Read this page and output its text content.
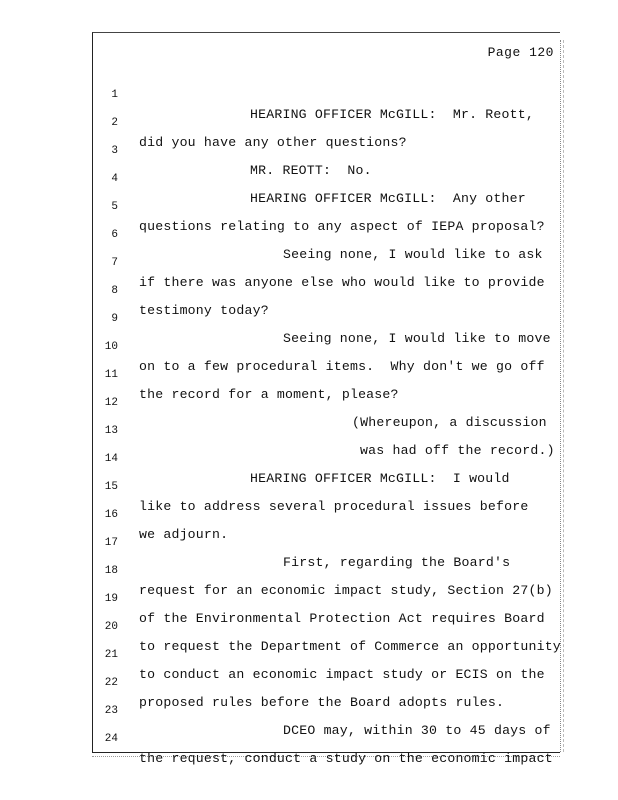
Page 120

1

HEARING OFFICER McGILL:  Mr. Reott,

2

did you have any other questions?

3

MR. REOTT:  No.

4

HEARING OFFICER McGILL:  Any other

5

questions relating to any aspect of IEPA proposal?

6

Seeing none, I would like to ask

7

if there was anyone else who would like to provide

8

testimony today?

9

Seeing none, I would like to move

10

on to a few procedural items.  Why don't we go off

11

the record for a moment, please?

12

(Whereupon, a discussion

13

was had off the record.)

14

HEARING OFFICER McGILL:  I would

15

like to address several procedural issues before

16

we adjourn.

17

First, regarding the Board's

18

request for an economic impact study, Section 27(b)

19

of the Environmental Protection Act requires Board

20

to request the Department of Commerce an opportunity

21

to conduct an economic impact study or ECIS on the

22

proposed rules before the Board adopts rules.

23

DCEO may, within 30 to 45 days of

24

the request, conduct a study on the economic impact
